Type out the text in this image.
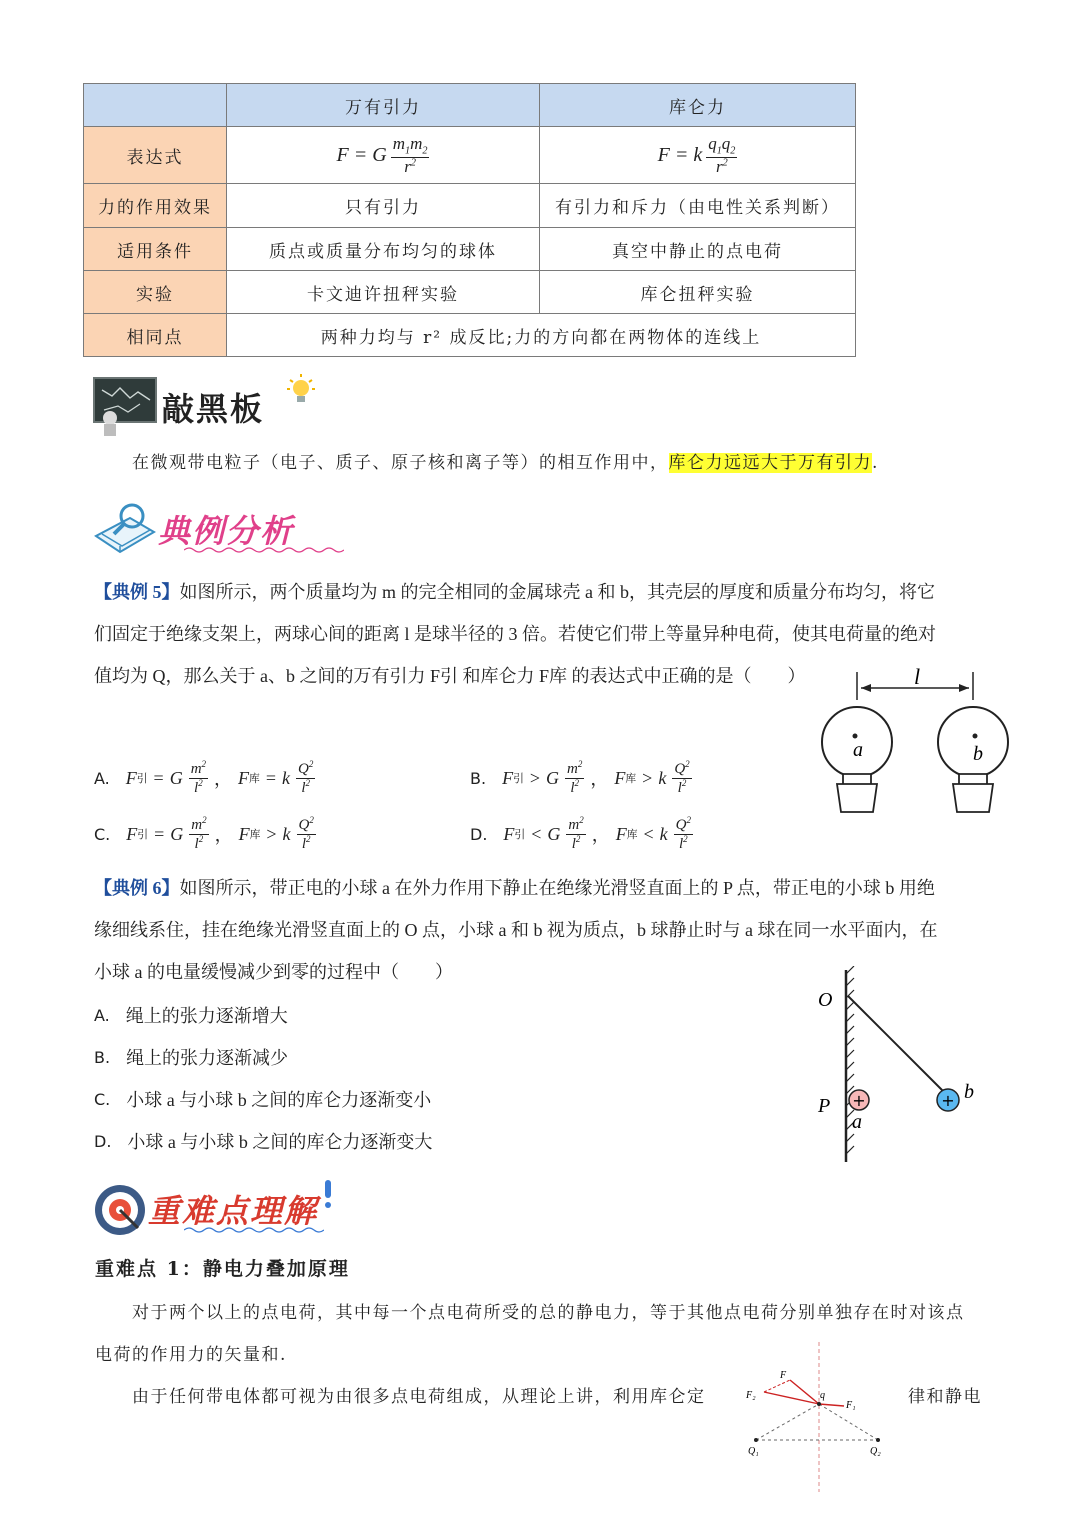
	万有引力	库仑力
表达式	F = G $\frac{m_1m_2}{r^2}$	F = k $\frac{q_1q_2}{r^2}$

力的作用效果	只有引力	有引力和斥力（由电性关系判断）
适用条件	质点或质量分布均匀的球体	真空中静止的点电荷
实验	卡文迪许扭秤实验	库仑扭秤实验
相同点	两种力均与 r² 成反比;力的方向都在两物体的连线上	
敲黑板
在微观带电粒子（电子、质子、原子核和离子等）的相互作用中，库仑力远远大于万有引力.
典例分析
【典例 5】如图所示，两个质量均为 m 的完全相同的金属球壳 a 和 b，其壳层的厚度和质量分布均匀，将它
们固定于绝缘支架上，两球心间的距离 l 是球半径的 3 倍。若使它们带上等量异种电荷，使其电荷量的绝对
值均为 Q，那么关于 a、b 之间的万有引力 F引 和库仑力 F库 的表达式中正确的是（　　）	l
a	b
A. F 引 = G $\frac{m^2}{l^2}$ ， F 库 = k $\frac{Q^2}{l^2}$	B. F 引 > G $\frac{m^2}{l^2}$ ， F 库 > k $\frac{Q^2}{l^2}$
C. F 引 = G $\frac{m^2}{l^2}$ ， F 库 > k $\frac{Q^2}{l^2}$	D. F 引 < G $\frac{m^2}{l^2}$ ， F 库 < k $\frac{Q^2}{l^2}$
【典例 6】如图所示，带正电的小球 a 在外力作用下静止在绝缘光滑竖直面上的 P 点，带正电的小球 b 用绝
缘细线系住，挂在绝缘光滑竖直面上的 O 点，小球 a 和 b 视为质点，b 球静止时与 a 球在同一水平面内，在
小球 a 的电量缓慢减少到零的过程中（　　）
A. 绳上的张力逐渐增大
B. 绳上的张力逐渐减少
C. 小球 a 与小球 b 之间的库仑力逐渐变小
D. 小球 a 与小球 b 之间的库仑力逐渐变大
O
P +
a
+ b
重难点理解
重难点 1：静电力叠加原理
对于两个以上的点电荷，其中每一个点电荷所受的总的静电力，等于其他点电荷分别单独存在时对该点
电荷的作用力的矢量和.
由于任何带电体都可视为由很多点电荷组成，从理论上讲，利用库仑定	律和静电
F
F₁
F₂	q
Q₁	Q₂
